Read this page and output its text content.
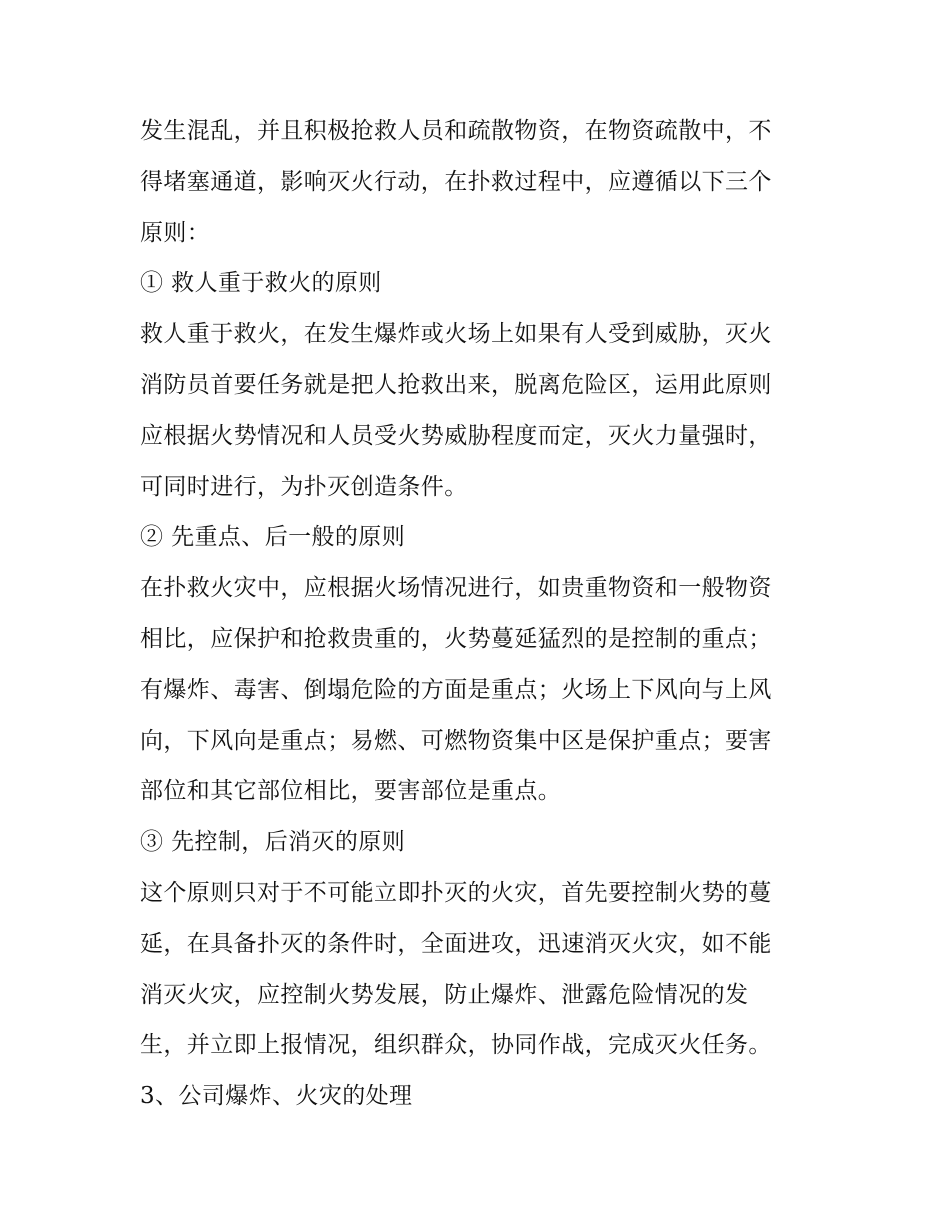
发生混乱，并且积极抢救人员和疏散物资，在物资疏散中，不
得堵塞通道，影响灭火行动，在扑救过程中，应遵循以下三个
原则：
① 救人重于救火的原则
救人重于救火，在发生爆炸或火场上如果有人受到威胁，灭火
消防员首要任务就是把人抢救出来，脱离危险区，运用此原则
应根据火势情况和人员受火势威胁程度而定，灭火力量强时，
可同时进行，为扑灭创造条件。
② 先重点、后一般的原则
在扑救火灾中，应根据火场情况进行，如贵重物资和一般物资
相比，应保护和抢救贵重的，火势蔓延猛烈的是控制的重点；
有爆炸、毒害、倒塌危险的方面是重点；火场上下风向与上风
向，下风向是重点；易燃、可燃物资集中区是保护重点；要害
部位和其它部位相比，要害部位是重点。
③ 先控制，后消灭的原则
这个原则只对于不可能立即扑灭的火灾，首先要控制火势的蔓
延，在具备扑灭的条件时，全面进攻，迅速消灭火灾，如不能
消灭火灾，应控制火势发展，防止爆炸、泄露危险情况的发
生，并立即上报情况，组织群众，协同作战，完成灭火任务。
3、公司爆炸、火灾的处理
